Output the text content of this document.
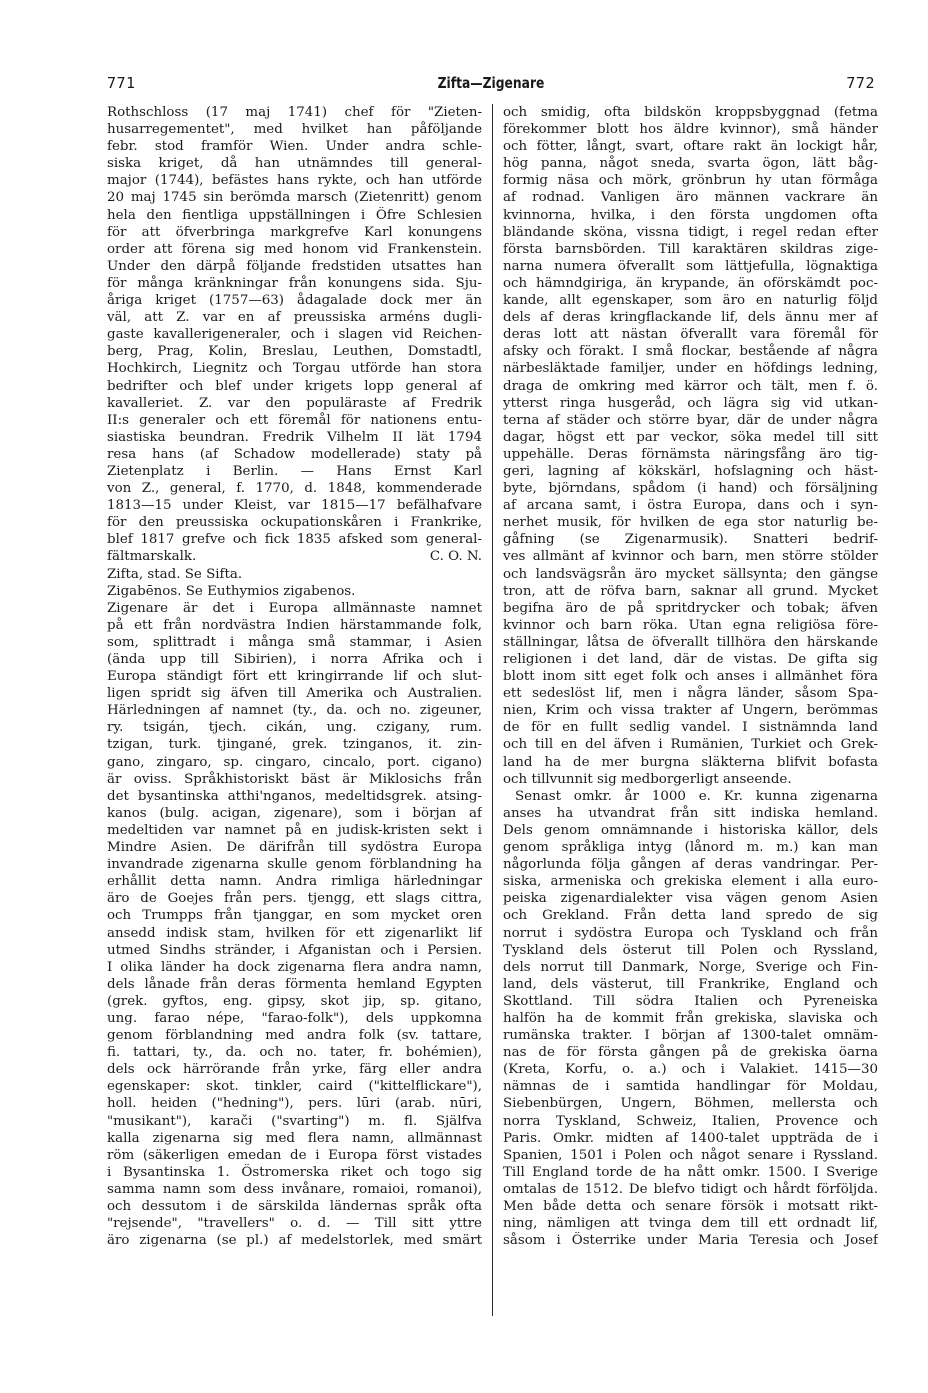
771	Zifta—Zigenare	772
Rothschloss (17 maj 1741) chef för "Zieten-
husarregementet", med hvilket han påföljande
febr. stod framför Wien. Under andra schle-
siska kriget, då han utnämndes till general-
major (1744), befästes hans rykte, och han utförde
20 maj 1745 sin berömda marsch (Zietenritt) genom
hela den fientliga uppställningen i Öfre Schlesien
för att öfverbringa markgrefve Karl konungens
order att förena sig med honom vid Frankenstein.
Under den därpå följande fredstiden utsattes han
för många kränkningar från konungens sida. Sju-
åriga kriget (1757—63) ådagalade dock mer än
väl, att Z. var en af preussiska arméns dugli-
gaste kavallerigeneraler, och i slagen vid Reichen-
berg, Prag, Kolin, Breslau, Leuthen, Domstadtl,
Hochkirch, Liegnitz och Torgau utförde han stora
bedrifter och blef under krigets lopp general af
kavalleriet. Z. var den populäraste af Fredrik
II:s generaler och ett föremål för nationens entu-
siastiska beundran. Fredrik Vilhelm II lät 1794
resa hans (af Schadow modellerade) staty på
Zietenplatz i Berlin. — Hans Ernst Karl
von Z., general, f. 1770, d. 1848, kommenderade
1813—15 under Kleist, var 1815—17 befälhafvare
för den preussiska ockupationskåren i Frankrike,
blef 1817 grefve och fick 1835 afsked som general-
fältmarskalk.	C. O. N.
Zifta, stad. Se Sifta.
Zigabēnos. Se Euthymios zigabenos.
Zigenare är det i Europa allmännaste namnet
på ett från nordvästra Indien härstammande folk,
som, splittradt i många små stammar, i Asien
(ända upp till Sibirien), i norra Afrika och i
Europa ständigt fört ett kringirrande lif och slut-
ligen spridt sig äfven till Amerika och Australien.
Härledningen af namnet (ty., da. och no. zigeuner,
ry. tsigán, tjech. cikán, ung. czigany, rum.
tzigan, turk. tjingané, grek. tzinganos, it. zin-
gano, zingaro, sp. cingaro, cincalo, port. cigano)
är oviss. Språkhistoriskt bäst är Miklosichs från
det bysantinska atthi'nganos, medeltidsgrek. atsing-
kanos (bulg. acigan, zigenare), som i början af
medeltiden var namnet på en judisk-kristen sekt i
Mindre Asien. De därifrån till sydöstra Europa
invandrade zigenarna skulle genom förblandning ha
erhållit detta namn. Andra rimliga härledningar
äro de Goejes från pers. tjengg, ett slags cittra,
och Trumpps från tjanggar, en som mycket oren
ansedd indisk stam, hvilken för ett zigenarlikt lif
utmed Sindhs stränder, i Afganistan och i Persien.
I olika länder ha dock zigenarna flera andra namn,
dels lånade från deras förmenta hemland Egypten
(grek. gyftos, eng. gipsy, skot jip, sp. gitano,
ung. farao népe, "farao-folk"), dels uppkomna
genom förblandning med andra folk (sv. tattare,
fi. tattari, ty., da. och no. tater, fr. bohémien),
dels ock härrörande från yrke, färg eller andra
egenskaper: skot. tinkler, caird ("kittelflickare"),
holl. heiden ("hedning"), pers. lūri (arab. nūri,
"musikant"), karači ("svarting") m. fl. Själfva
kalla zigenarna sig med flera namn, allmännast
röm (säkerligen emedan de i Europa först vistades
i Bysantinska 1. Östromerska riket och togo sig
samma namn som dess invånare, romaioi, romanoi),
och dessutom i de särskilda ländernas språk ofta
"rejsende", "travellers" o. d. — Till sitt yttre
äro zigenarna (se pl.) af medelstorlek, med smärt
och smidig, ofta bildskön kroppsbyggnad (fetma
förekommer blott hos äldre kvinnor), små händer
och fötter, långt, svart, oftare rakt än lockigt hår,
hög panna, något sneda, svarta ögon, lätt båg-
formig näsa och mörk, grönbrun hy utan förmåga
af rodnad. Vanligen äro männen vackrare än
kvinnorna, hvilka, i den första ungdomen ofta
bländande sköna, vissna tidigt, i regel redan efter
första barnsbörden. Till karaktären skildras zige-
narna numera öfverallt som lättjefulla, lögnaktiga
och hämndgiriga, än krypande, än oförskämdt poc-
kande, allt egenskaper, som äro en naturlig följd
dels af deras kringflackande lif, dels ännu mer af
deras lott att nästan öfverallt vara föremål för
afsky och förakt. I små flockar, bestående af några
närbesläktade familjer, under en höfdings ledning,
draga de omkring med kärror och tält, men f. ö.
ytterst ringa husgeråd, och lägra sig vid utkan-
terna af städer och större byar, där de under några
dagar, högst ett par veckor, söka medel till sitt
uppehälle. Deras förnämsta näringsfång äro tig-
geri, lagning af kökskärl, hofslagning och häst-
byte, björndans, spådom (i hand) och försäljning
af arcana samt, i östra Europa, dans och i syn-
nerhet musik, för hvilken de ega stor naturlig be-
gåfning (se Zigenarmusik). Snatteri bedrif-
ves allmänt af kvinnor och barn, men större stölder
och landsvägsrån äro mycket sällsynta; den gängse
tron, att de röfva barn, saknar all grund. Mycket
begifna äro de på spritdrycker och tobak; äfven
kvinnor och barn röka. Utan egna religiösa före-
ställningar, låtsa de öfverallt tillhöra den härskande
religionen i det land, där de vistas. De gifta sig
blott inom sitt eget folk och anses i allmänhet föra
ett sedeslöst lif, men i några länder, såsom Spa-
nien, Krim och vissa trakter af Ungern, berömmas
de för en fullt sedlig vandel. I sistnämnda land
och till en del äfven i Rumänien, Turkiet och Grek-
land ha de mer burgna släkterna blifvit bofasta
och tillvunnit sig medborgerligt anseende.
Senast omkr. år 1000 e. Kr. kunna zigenarna
anses ha utvandrat från sitt indiska hemland.
Dels genom omnämnande i historiska källor, dels
genom språkliga intyg (lånord m. m.) kan man
någorlunda följa gången af deras vandringar. Per-
siska, armeniska och grekiska element i alla euro-
peiska zigenardialekter visa vägen genom Asien
och Grekland. Från detta land spredo de sig
norrut i sydöstra Europa och Tyskland och från
Tyskland dels österut till Polen och Ryssland,
dels norrut till Danmark, Norge, Sverige och Fin-
land, dels västerut, till Frankrike, England och
Skottland. Till södra Italien och Pyreneiska
halfön ha de kommit från grekiska, slaviska och
rumänska trakter. I början af 1300-talet omnäm-
nas de för första gången på de grekiska öarna
(Kreta, Korfu, o. a.) och i Valakiet. 1415—30
nämnas de i samtida handlingar för Moldau,
Siebenbürgen, Ungern, Böhmen, mellersta och
norra Tyskland, Schweiz, Italien, Provence och
Paris. Omkr. midten af 1400-talet uppträda de i
Spanien, 1501 i Polen och något senare i Ryssland.
Till England torde de ha nått omkr. 1500. I Sverige
omtalas de 1512. De blefvo tidigt och hårdt förföljda.
Men både detta och senare försök i motsatt rikt-
ning, nämligen att tvinga dem till ett ordnadt lif,
såsom i Österrike under Maria Teresia och Josef
